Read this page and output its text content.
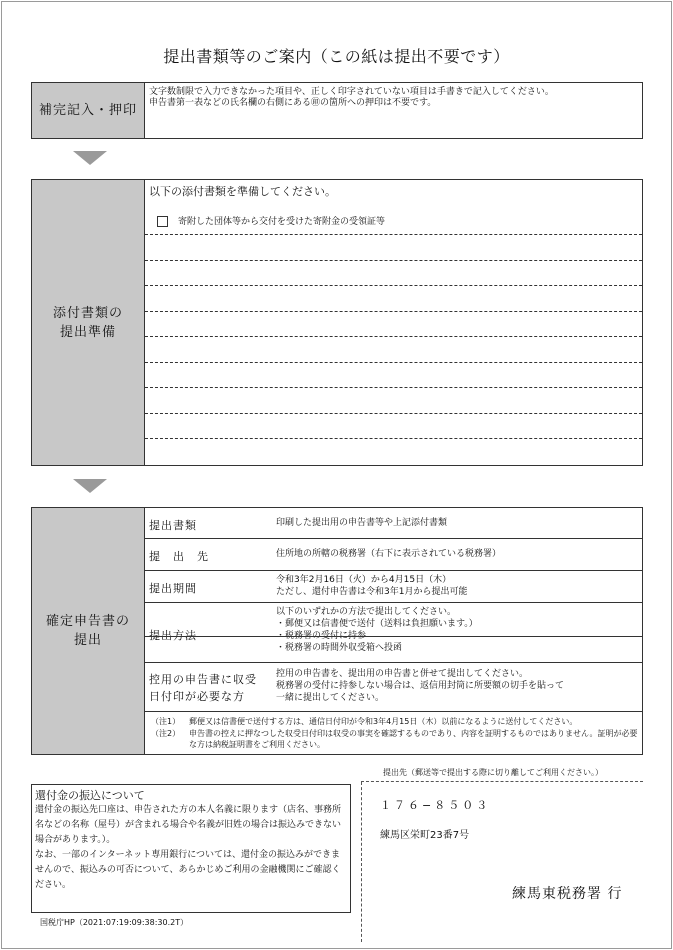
提出書類等のご案内（この紙は提出不要です）
補完記入・押印
文字数制限で入力できなかった項目や、正しく印字されていない項目は手書きで記入してください。
申告書第一表などの氏名欄の右側にある㊞の箇所への押印は不要です。
添付書類の
提出準備
以下の添付書類を準備してください。
寄附した団体等から交付を受けた寄附金の受領証等
確定申告書の
提出
提出書類	印刷した提出用の申告書等や上記添付書類
提　出　先	住所地の所轄の税務署（右下に表示されている税務署）
提出期間
令和3年2月16日（火）から4月15日（木）
ただし、還付申告書は令和3年1月から提出可能
提出方法
以下のいずれかの方法で提出してください。
・郵便又は信書便で送付（送料は負担願います。）
・税務署の受付に持参
・税務署の時間外収受箱へ投函
控用の申告書に収受
日付印が必要な方
控用の申告書を、提出用の申告書と併せて提出してください。
税務署の受付に持参しない場合は、返信用封筒に所要額の切手を貼って
一緒に提出してください。
（注1） 郵便又は信書便で送付する方は、通信日付印が令和3年4月15日（木）以前になるように送付してください。
（注2） 申告書の控えに押なつした収受日付印は収受の事実を確認するものであり、内容を証明するものではありません。証明が必要な方は納税証明書をご利用ください。
還付金の振込について
還付金の振込先口座は、申告された方の本人名義に限ります（店名、事務所名などの名称（屋号）が含まれる場合や名義が旧姓の場合は振込みできない場合があります。）。
なお、一部のインターネット専用銀行については、還付金の振込みができませんので、振込みの可否について、あらかじめご利用の金融機関にご確認ください。
国税庁HP（2021:07:19:09:38:30.2T）
提出先（郵送等で提出する際に切り離してご利用ください。）
１７６−８５０３
練馬区栄町23番7号
練馬東税務署 行
